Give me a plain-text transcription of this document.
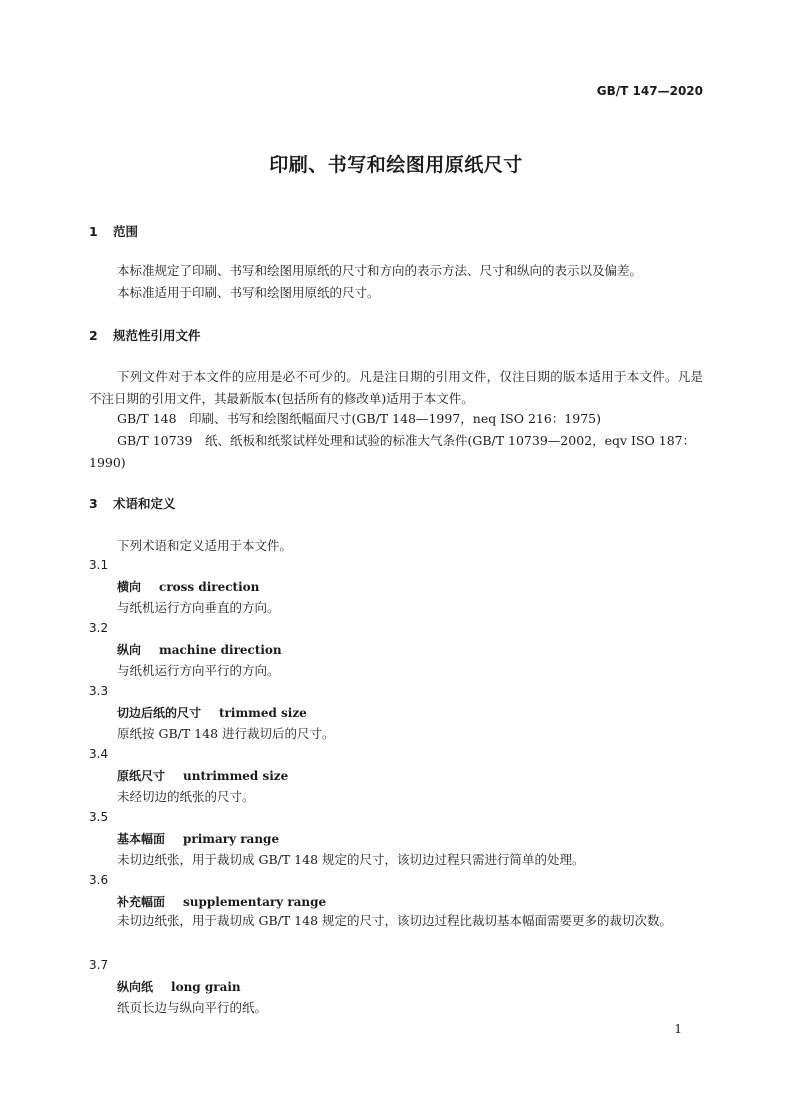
GB/T 147—2020
印刷、书写和绘图用原纸尺寸
1 范围
本标准规定了印刷、书写和绘图用原纸的尺寸和方向的表示方法、尺寸和纵向的表示以及偏差。
本标准适用于印刷、书写和绘图用原纸的尺寸。
2 规范性引用文件
下列文件对于本文件的应用是必不可少的。凡是注日期的引用文件，仅注日期的版本适用于本文件。凡是不注日期的引用文件，其最新版本(包括所有的修改单)适用于本文件。
GB/T 148　印刷、书写和绘图纸幅面尺寸(GB/T 148—1997，neq ISO 216：1975)
GB/T 10739　纸、纸板和纸浆试样处理和试验的标准大气条件(GB/T 10739—2002，eqv ISO 187：1990)
3 术语和定义
下列术语和定义适用于本文件。
3.1
横向 cross direction
与纸机运行方向垂直的方向。
3.2
纵向 machine direction
与纸机运行方向平行的方向。
3.3
切边后纸的尺寸 trimmed size
原纸按 GB/T 148 进行裁切后的尺寸。
3.4
原纸尺寸 untrimmed size
未经切边的纸张的尺寸。
3.5
基本幅面 primary range
未切边纸张，用于裁切成 GB/T 148 规定的尺寸，该切边过程只需进行简单的处理。
3.6
补充幅面 supplementary range
未切边纸张，用于裁切成 GB/T 148 规定的尺寸，该切边过程比裁切基本幅面需要更多的裁切次数。
3.7
纵向纸 long grain
纸页长边与纵向平行的纸。
1
